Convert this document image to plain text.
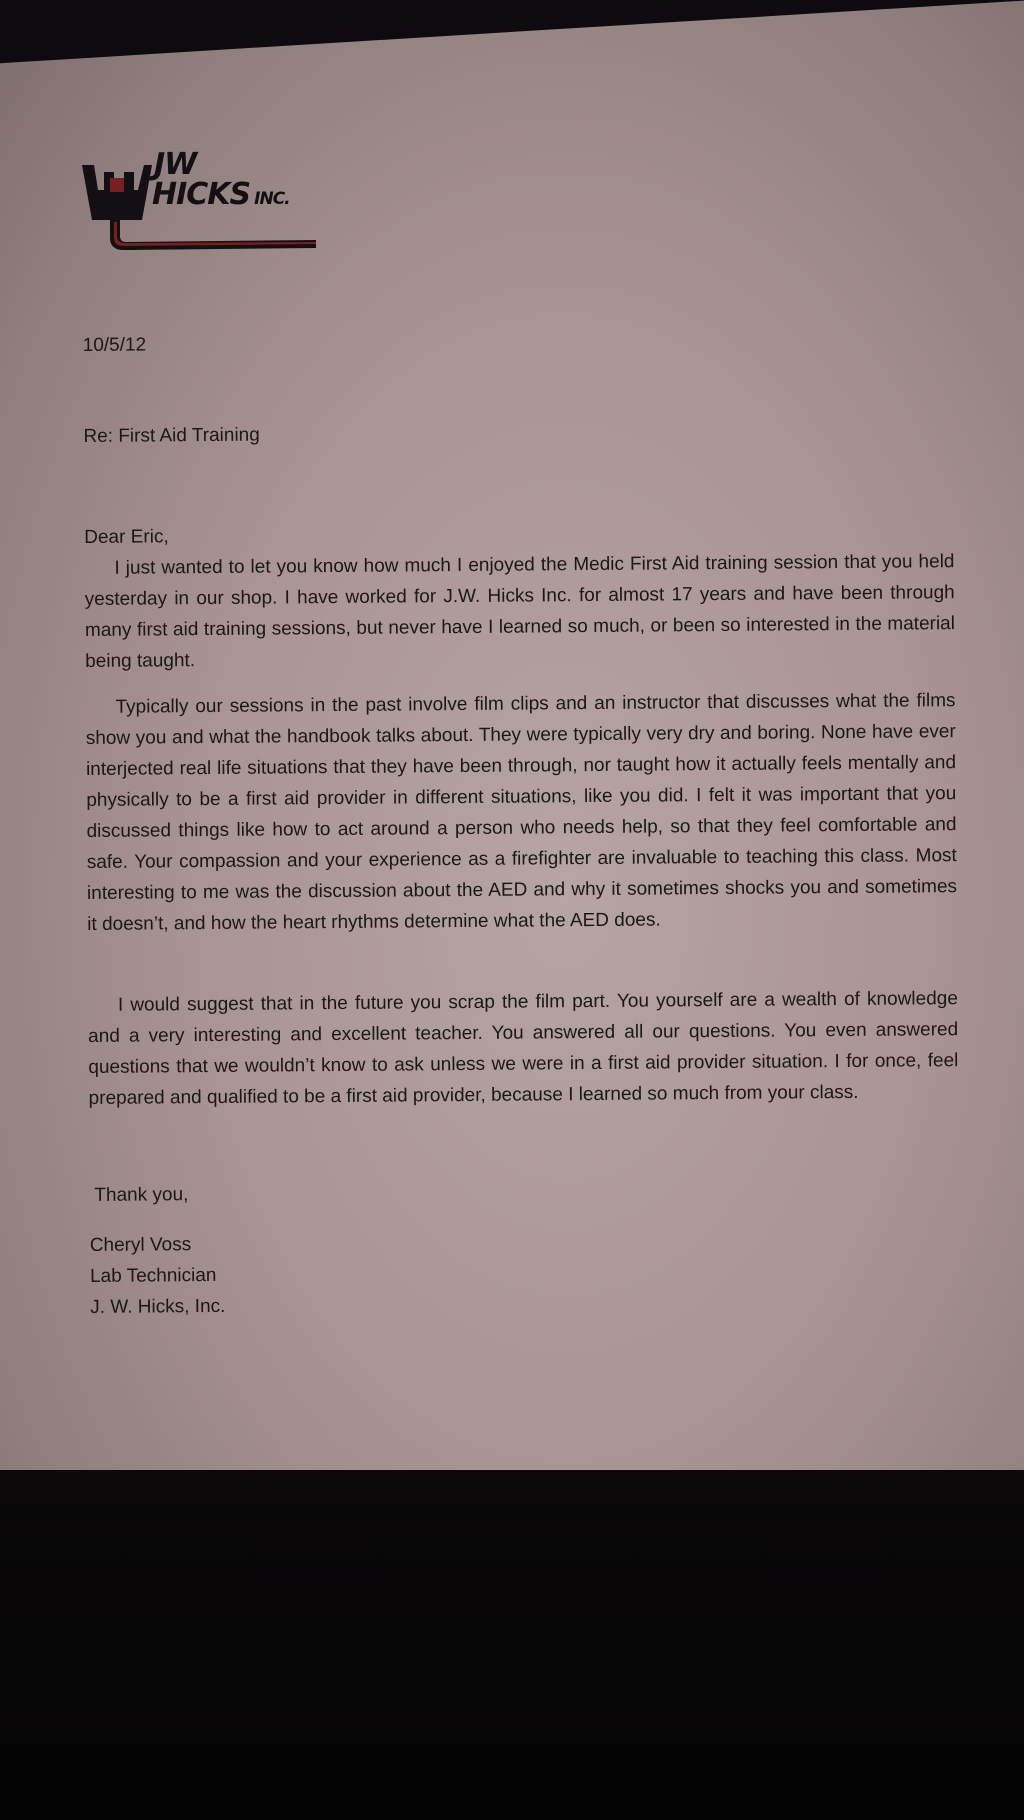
JW
HICKS INC.
10/5/12
Re: First Aid Training
Dear Eric,
I just wanted to let you know how much I enjoyed the Medic First Aid training session that you held yesterday in our shop. I have worked for J.W. Hicks Inc. for almost 17 years and have been through many first aid training sessions, but never have I learned so much, or been so interested in the material being taught.
Typically our sessions in the past involve film clips and an instructor that discusses what the films show you and what the handbook talks about. They were typically very dry and boring. None have ever interjected real life situations that they have been through, nor taught how it actually feels mentally and physically to be a first aid provider in different situations, like you did. I felt it was important that you discussed things like how to act around a person who needs help, so that they feel comfortable and safe. Your compassion and your experience as a firefighter are invaluable to teaching this class. Most interesting to me was the discussion about the AED and why it sometimes shocks you and sometimes it doesn’t, and how the heart rhythms determine what the AED does.
I would suggest that in the future you scrap the film part. You yourself are a wealth of knowledge and a very interesting and excellent teacher. You answered all our questions. You even answered questions that we wouldn’t know to ask unless we were in a first aid provider situation. I for once, feel prepared and qualified to be a first aid provider, because I learned so much from your class.
Thank you,
Cheryl Voss
Lab Technician
J. W. Hicks, Inc.
